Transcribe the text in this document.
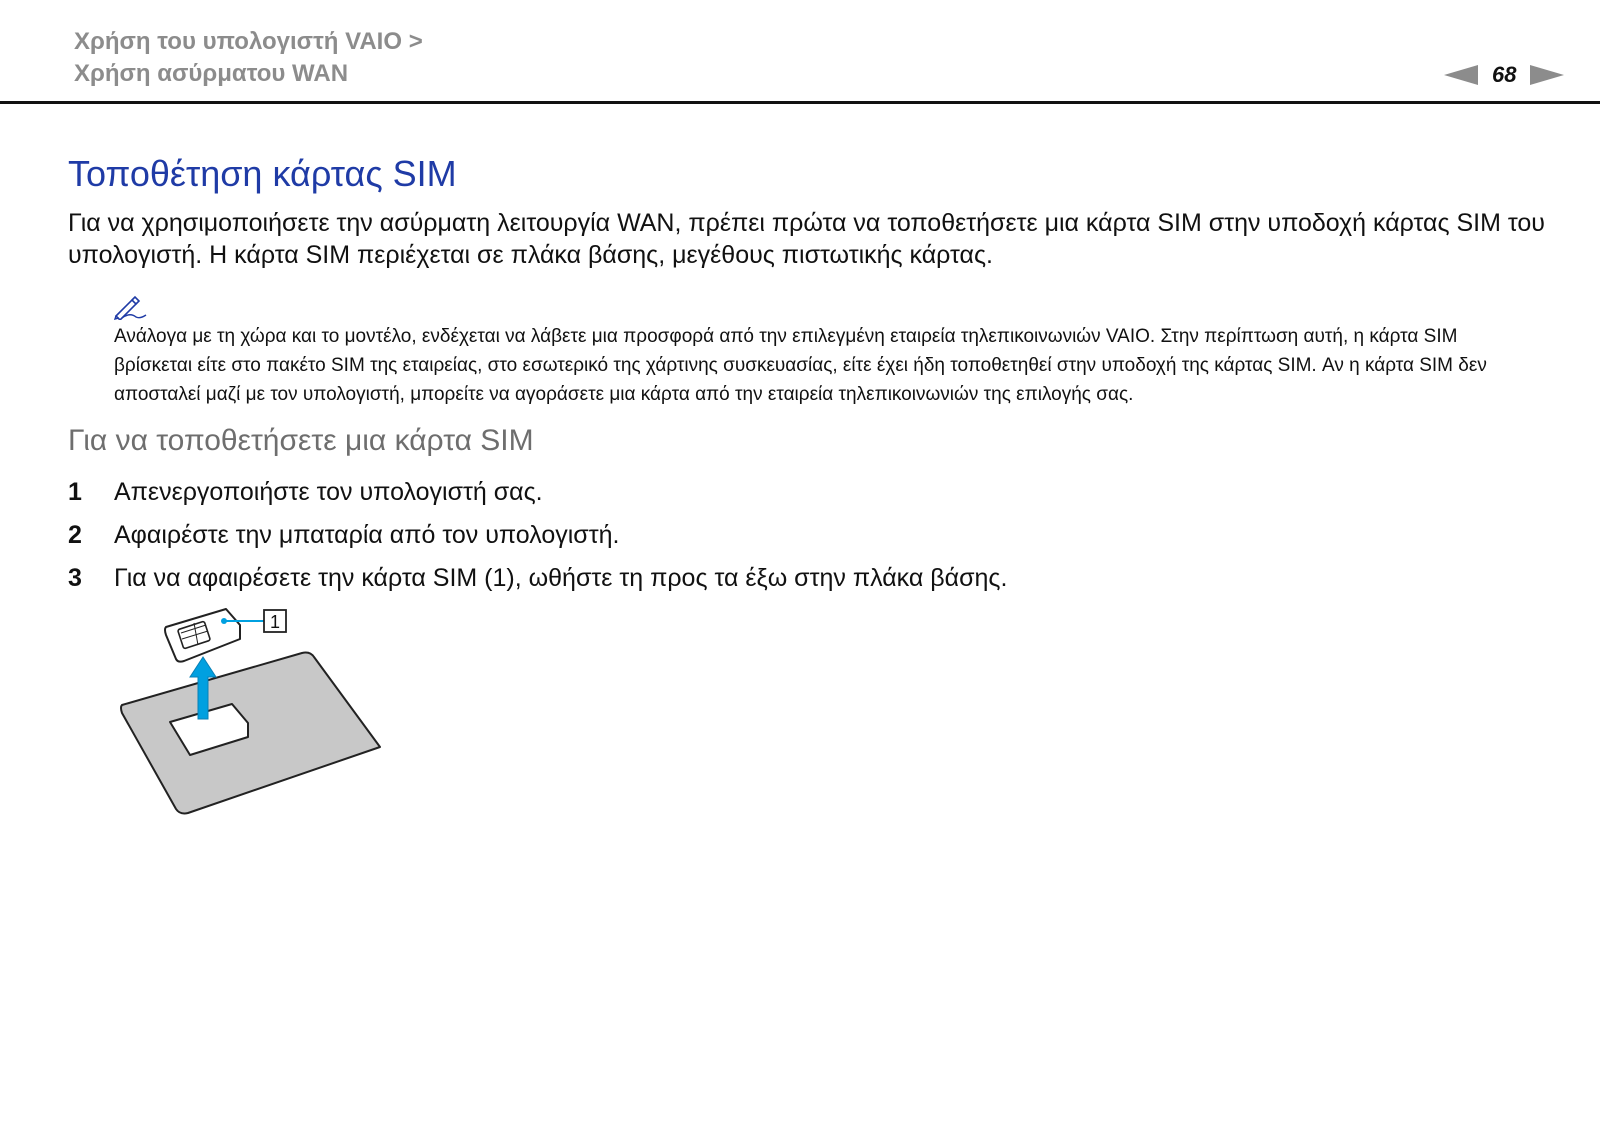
Χρήση του υπολογιστή VAIO >
Χρήση ασύρματου WAN	68
Τοποθέτηση κάρτας SIM
Για να χρησιμοποιήσετε την ασύρματη λειτουργία WAN, πρέπει πρώτα να τοποθετήσετε μια κάρτα SIM στην υποδοχή κάρτας SIM του υπολογιστή. Η κάρτα SIM περιέχεται σε πλάκα βάσης, μεγέθους πιστωτικής κάρτας.
Ανάλογα με τη χώρα και το μοντέλο, ενδέχεται να λάβετε μια προσφορά από την επιλεγμένη εταιρεία τηλεπικοινωνιών VAIO. Στην περίπτωση αυτή, η κάρτα SIM βρίσκεται είτε στο πακέτο SIM της εταιρείας, στο εσωτερικό της χάρτινης συσκευασίας, είτε έχει ήδη τοποθετηθεί στην υποδοχή της κάρτας SIM. Αν η κάρτα SIM δεν αποσταλεί μαζί με τον υπολογιστή, μπορείτε να αγοράσετε μια κάρτα από την εταιρεία τηλεπικοινωνιών της επιλογής σας.
Για να τοποθετήσετε μια κάρτα SIM
1 Απενεργοποιήστε τον υπολογιστή σας.
2 Αφαιρέστε την μπαταρία από τον υπολογιστή.
3 Για να αφαιρέσετε την κάρτα SIM (1), ωθήστε τη προς τα έξω στην πλάκα βάσης.
1
